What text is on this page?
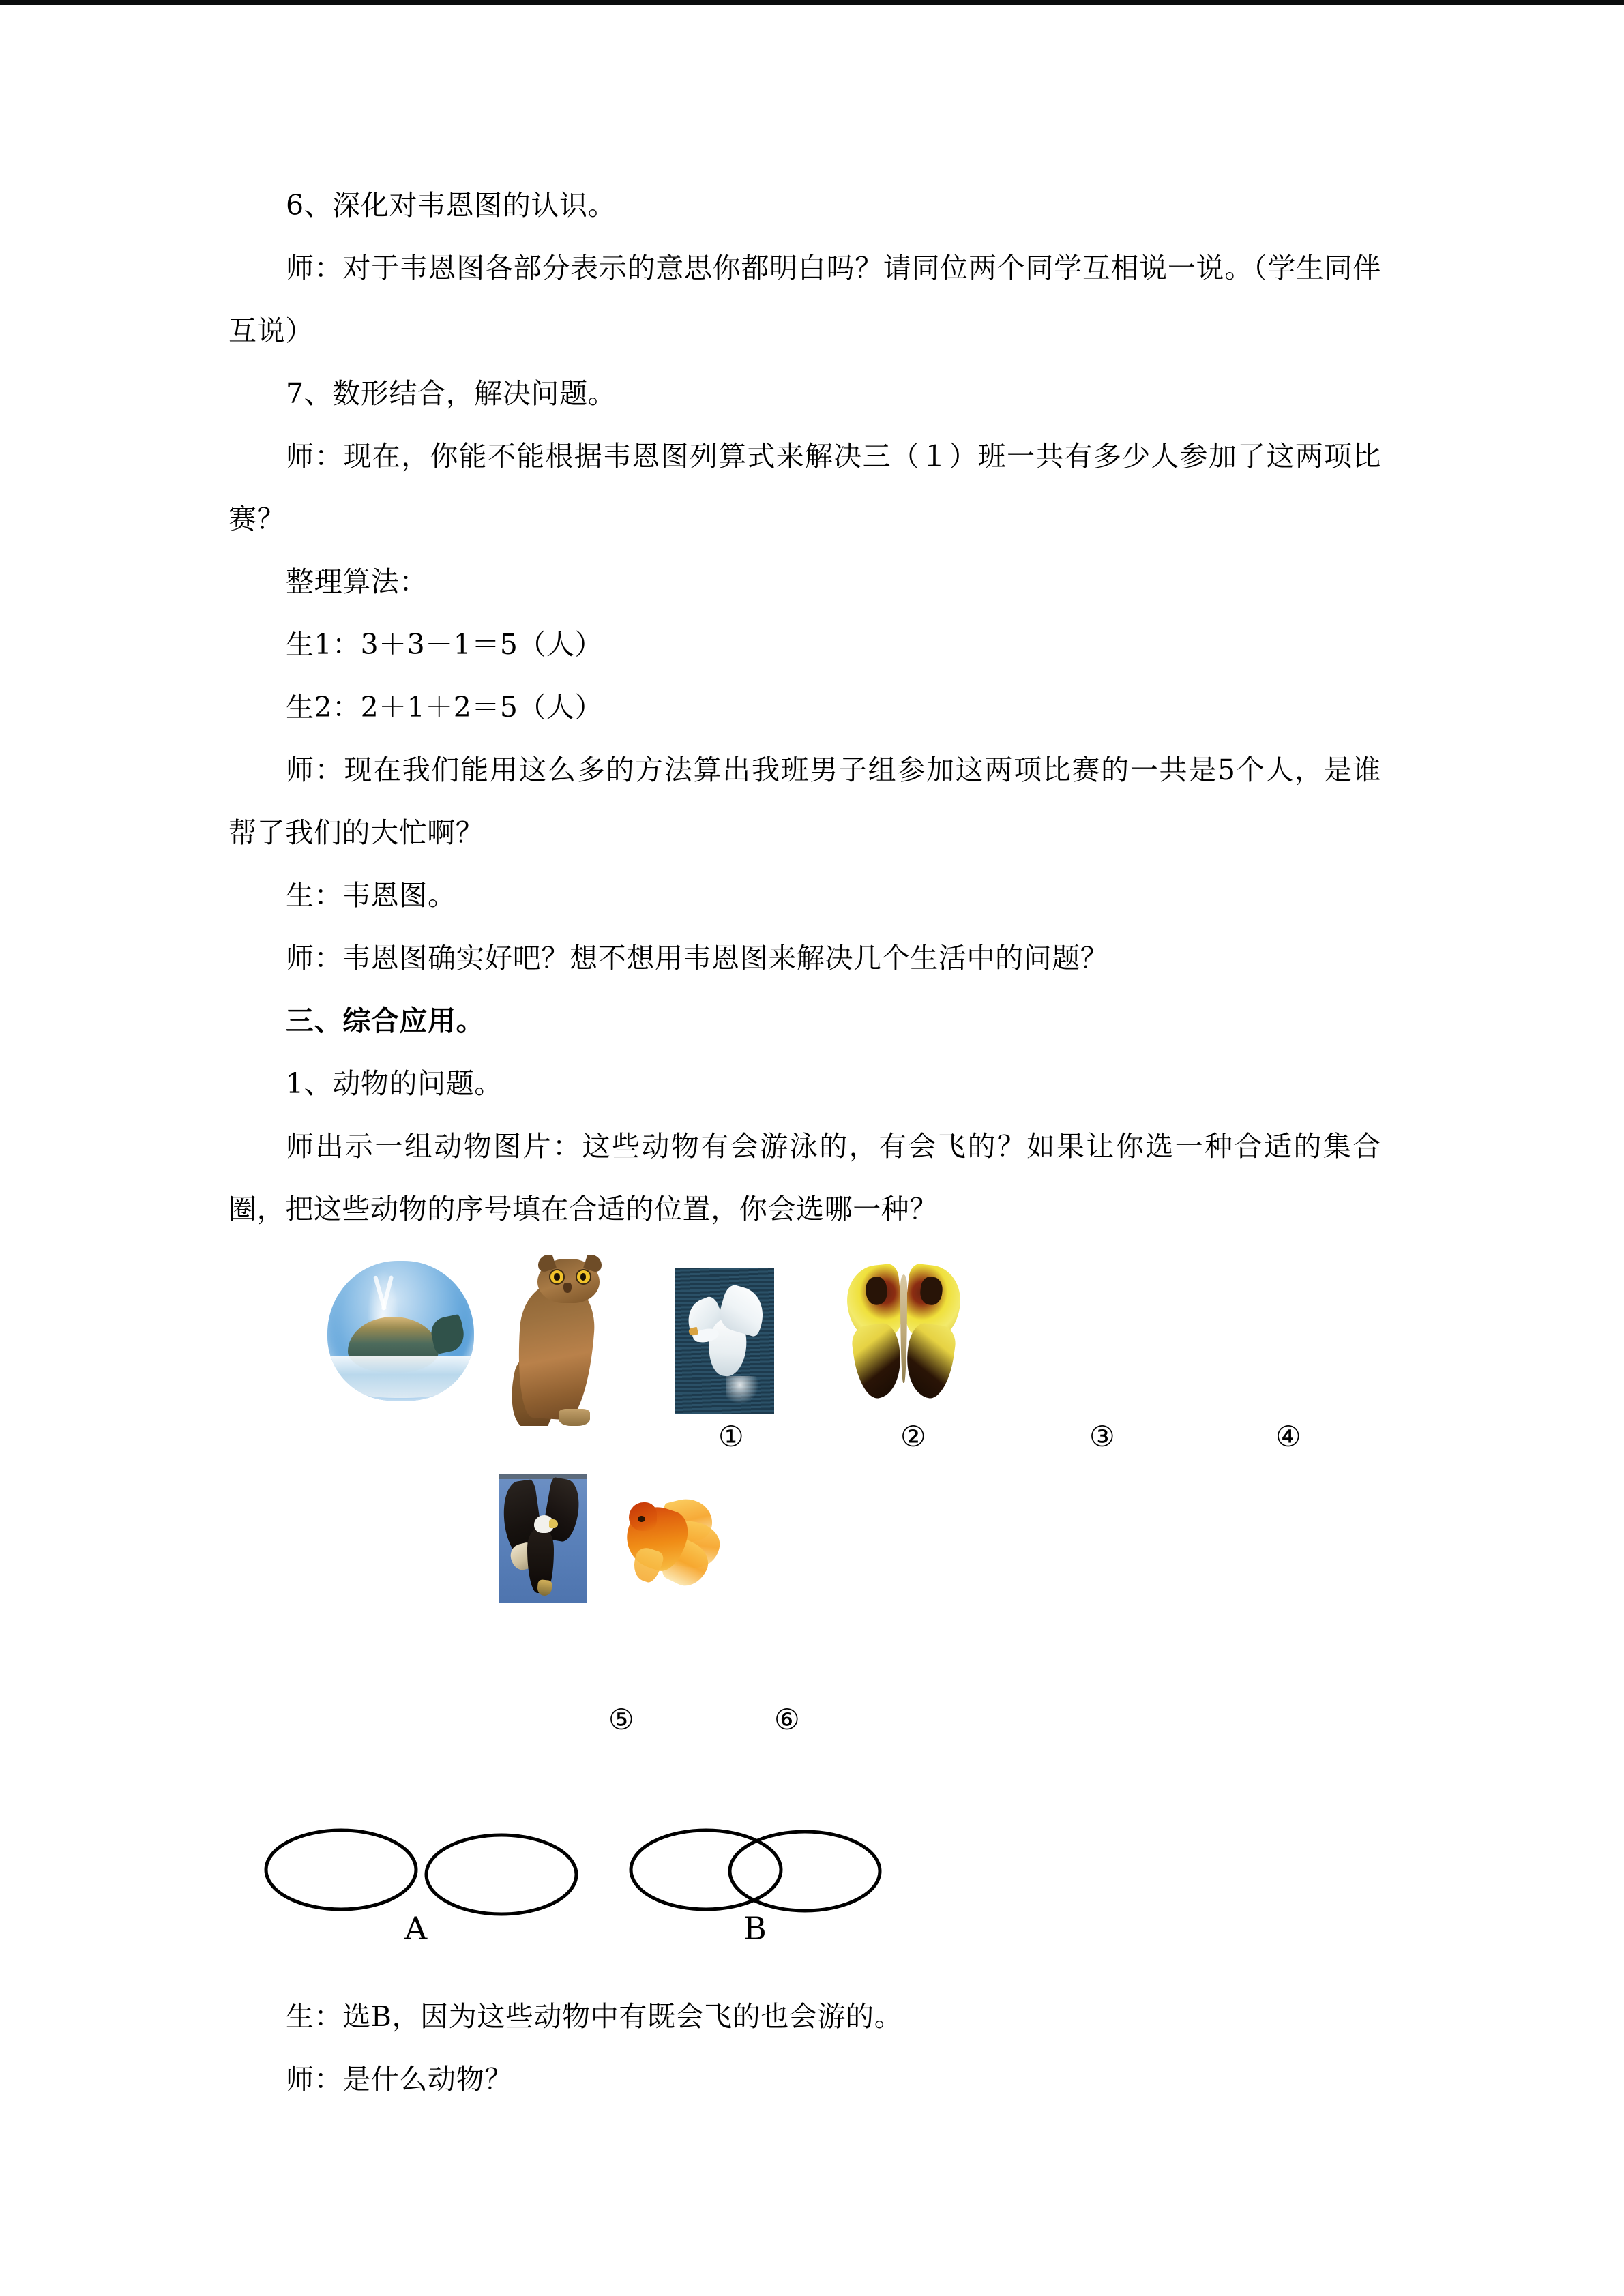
6、深化对韦恩图的认识。

师：对于韦恩图各部分表示的意思你都明白吗？请同位两个同学互相说一说。（学生同伴互说）

7、数形结合，解决问题。

师：现在，你能不能根据韦恩图列算式来解决三（１）班一共有多少人参加了这两项比赛？

整理算法：

生1：3＋3－1＝5（人）

生2：2＋1＋2＝5（人）

师：现在我们能用这么多的方法算出我班男子组参加这两项比赛的一共是5个人，是谁帮了我们的大忙啊？

生：韦恩图。

师：韦恩图确实好吧？想不想用韦恩图来解决几个生活中的问题？

三、综合应用。

1、动物的问题。

师出示一组动物图片：这些动物有会游泳的，有会飞的？如果让你选一种合适的集合圈，把这些动物的序号填在合适的位置，你会选哪一种？

①	②	③	④
⑤	⑥
A	B

生：选B，因为这些动物中有既会飞的也会游的。

师：是什么动物？
